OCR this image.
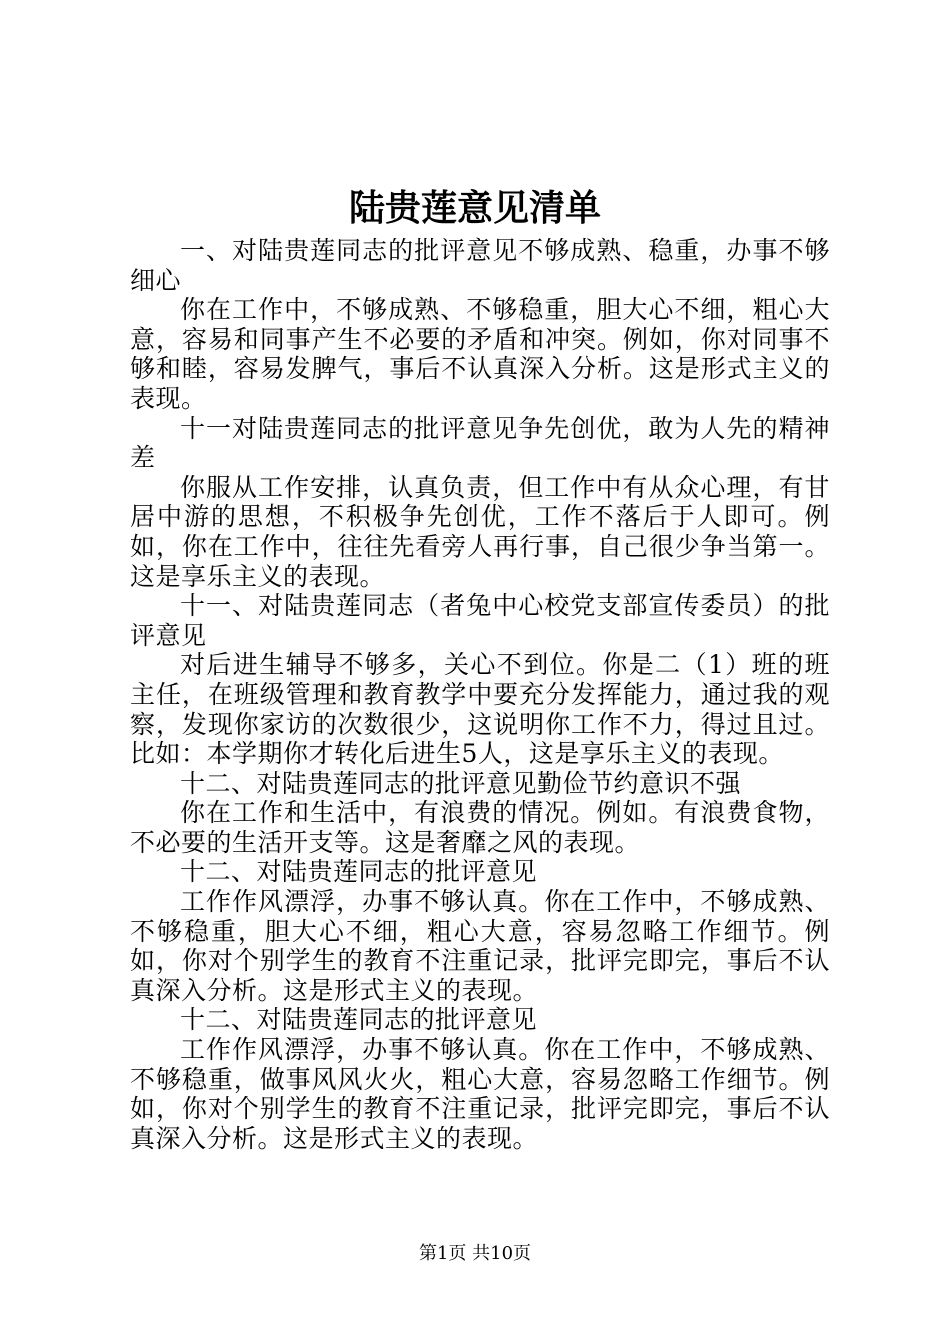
陆贵莲意见清单

一、对陆贵莲同志的批评意见不够成熟、稳重，办事不够细心

你在工作中，不够成熟、不够稳重，胆大心不细，粗心大意，容易和同事产生不必要的矛盾和冲突。例如，你对同事不够和睦，容易发脾气，事后不认真深入分析。这是形式主义的表现。

十一对陆贵莲同志的批评意见争先创优，敢为人先的精神差

你服从工作安排，认真负责，但工作中有从众心理，有甘居中游的思想，不积极争先创优，工作不落后于人即可。例如，你在工作中，往往先看旁人再行事，自己很少争当第一。这是享乐主义的表现。

十一、对陆贵莲同志（者兔中心校党支部宣传委员）的批评意见

对后进生辅导不够多，关心不到位。你是二（1）班的班主任，在班级管理和教育教学中要充分发挥能力，通过我的观察，发现你家访的次数很少，这说明你工作不力，得过且过。比如：本学期你才转化后进生5人，这是享乐主义的表现。

十二、对陆贵莲同志的批评意见勤俭节约意识不强

你在工作和生活中，有浪费的情况。例如。有浪费食物，不必要的生活开支等。这是奢靡之风的表现。

十二、对陆贵莲同志的批评意见

工作作风漂浮，办事不够认真。你在工作中，不够成熟、不够稳重，胆大心不细，粗心大意，容易忽略工作细节。例如，你对个别学生的教育不注重记录，批评完即完，事后不认真深入分析。这是形式主义的表现。

十二、对陆贵莲同志的批评意见

工作作风漂浮，办事不够认真。你在工作中，不够成熟、不够稳重，做事风风火火，粗心大意，容易忽略工作细节。例如，你对个别学生的教育不注重记录，批评完即完，事后不认真深入分析。这是形式主义的表现。

第1页 共10页
